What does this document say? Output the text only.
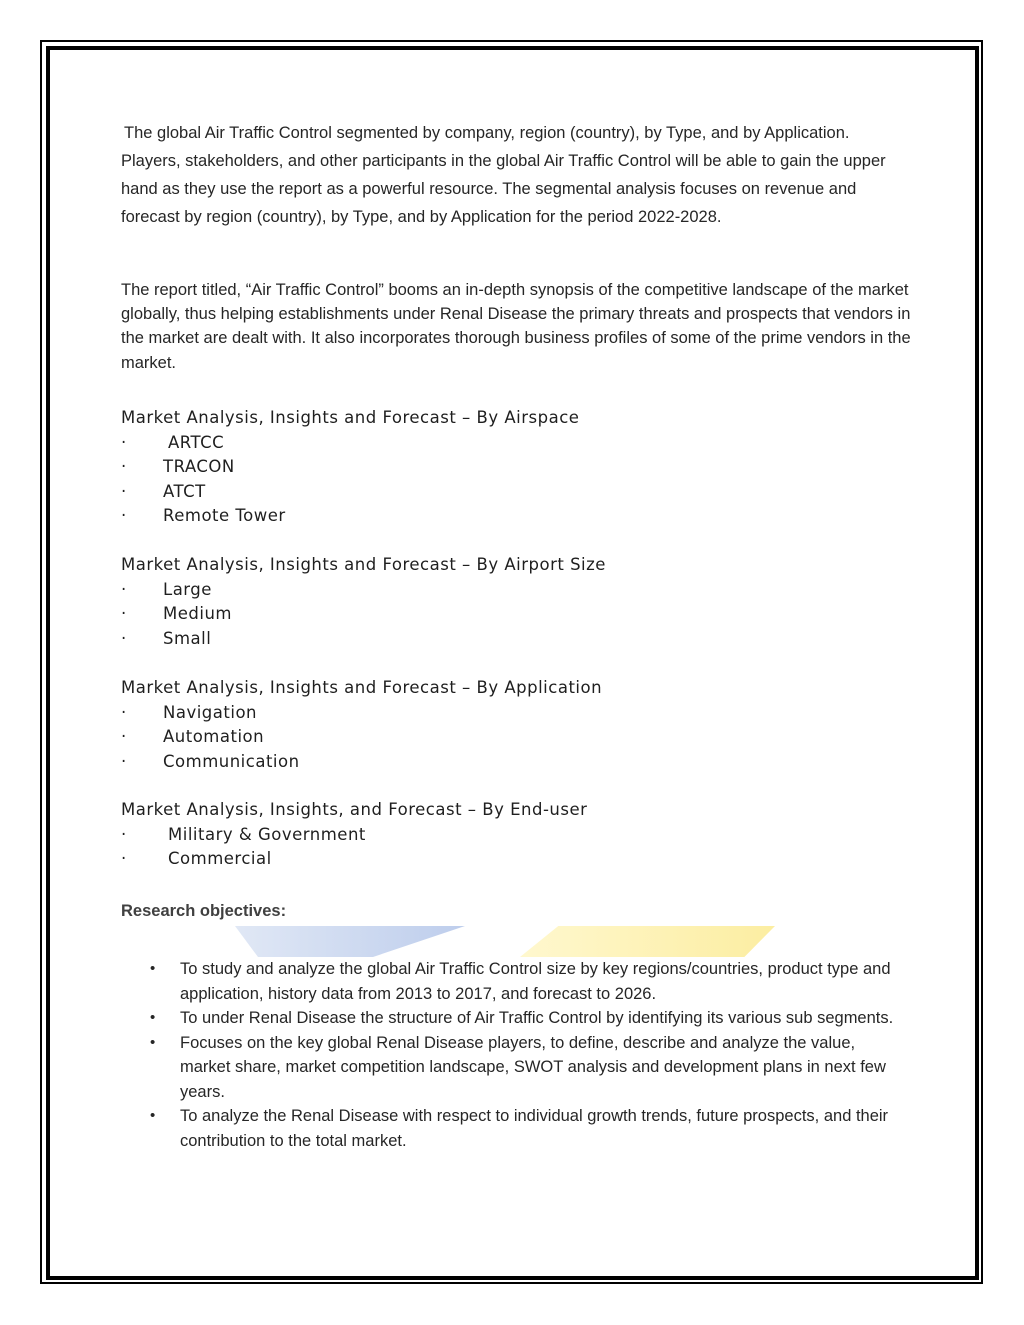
The global Air Traffic Control segmented by company, region (country), by Type, and by Application. Players, stakeholders, and other participants in the global Air Traffic Control will be able to gain the upper hand as they use the report as a powerful resource. The segmental analysis focuses on revenue and forecast by region (country), by Type, and by Application for the period 2022-2028.

The report titled, “Air Traffic Control” booms an in-depth synopsis of the competitive landscape of the market globally, thus helping establishments under Renal Disease the primary threats and prospects that vendors in the market are dealt with. It also incorporates thorough business profiles of some of the prime vendors in the market.

Market Analysis, Insights and Forecast – By Airspace
·	ARTCC
·	TRACON
·	ATCT
·	Remote Tower
Market Analysis, Insights and Forecast – By Airport Size
·	Large
·	Medium
·	Small
Market Analysis, Insights and Forecast – By Application
·	Navigation
·	Automation
·	Communication
Market Analysis, Insights, and Forecast – By End-user
·	Military & Government
·	Commercial

Research objectives:

•	To study and analyze the global Air Traffic Control size by key regions/countries, product type and application, history data from 2013 to 2017, and forecast to 2026.
•	To under Renal Disease the structure of Air Traffic Control by identifying its various sub segments.
•	Focuses on the key global Renal Disease players, to define, describe and analyze the value, market share, market competition landscape, SWOT analysis and development plans in next few years.
•	To analyze the Renal Disease with respect to individual growth trends, future prospects, and their contribution to the total market.
